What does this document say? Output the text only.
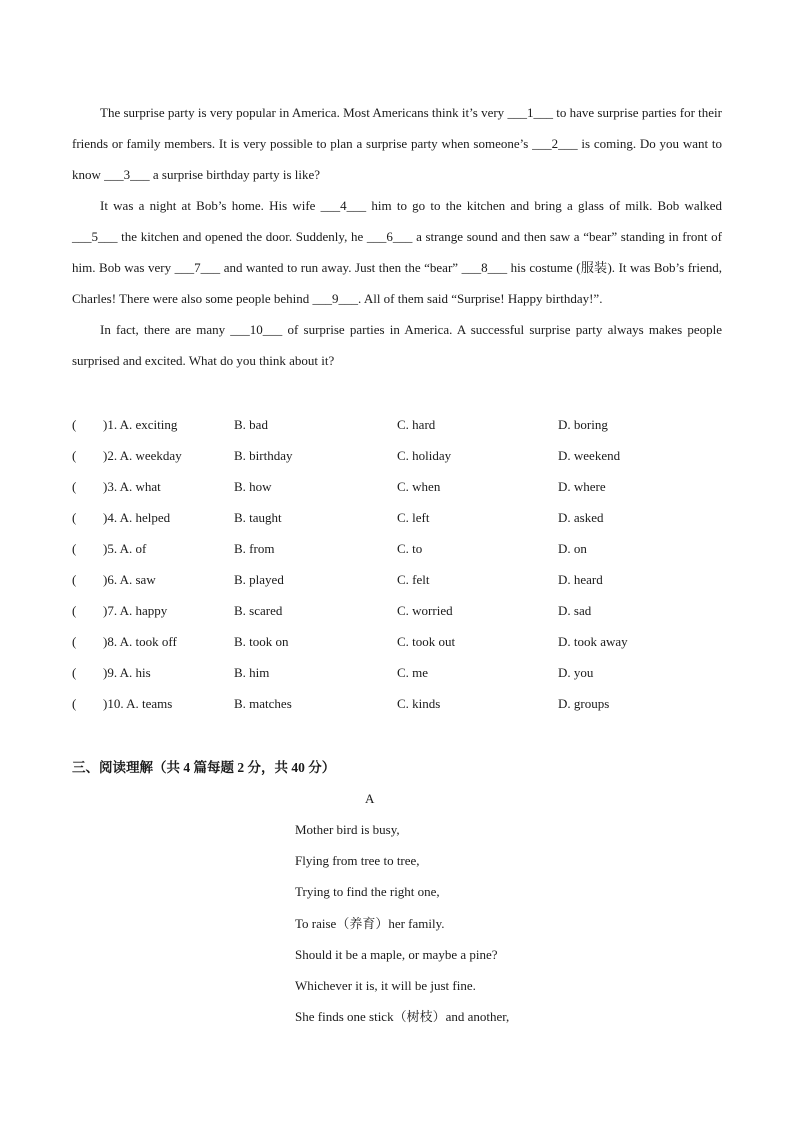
The surprise party is very popular in America. Most Americans think it’s very ___1___ to have surprise parties for their friends or family members. It is very possible to plan a surprise party when someone’s ___2___ is coming. Do you want to know ___3___ a surprise birthday party is like?

It was a night at Bob’s home. His wife ___4___ him to go to the kitchen and bring a glass of milk. Bob walked ___5___ the kitchen and opened the door. Suddenly, he ___6___ a strange sound and then saw a “bear” standing in front of him. Bob was very ___7___ and wanted to run away. Just then the “bear” ___8___ his costume (服装). It was Bob’s friend, Charles! There were also some people behind ___9___. All of them said “Surprise! Happy birthday!”.

In fact, there are many ___10___ of surprise parties in America. A successful surprise party always makes people surprised and excited. What do you think about it?

( )1. A. exciting	B. bad	C. hard	D. boring
( )2. A. weekday	B. birthday	C. holiday	D. weekend
( )3. A. what	B. how	C. when	D. where
( )4. A. helped	B. taught	C. left	D. asked
( )5. A. of	B. from	C. to	D. on
( )6. A. saw	B. played	C. felt	D. heard
( )7. A. happy	B. scared	C. worried	D. sad
( )8. A. took off	B. took on	C. took out	D. took away
( )9. A. his	B. him	C. me	D. you
( )10. A. teams	B. matches	C. kinds	D. groups
三、阅读理解（共 4 篇每题 2 分，共 40 分）
A
Mother bird is busy,
Flying from tree to tree,
Trying to find the right one,
To raise（养育）her family.
Should it be a maple, or maybe a pine?
Whichever it is, it will be just fine.
She finds one stick（树枝）and another,
